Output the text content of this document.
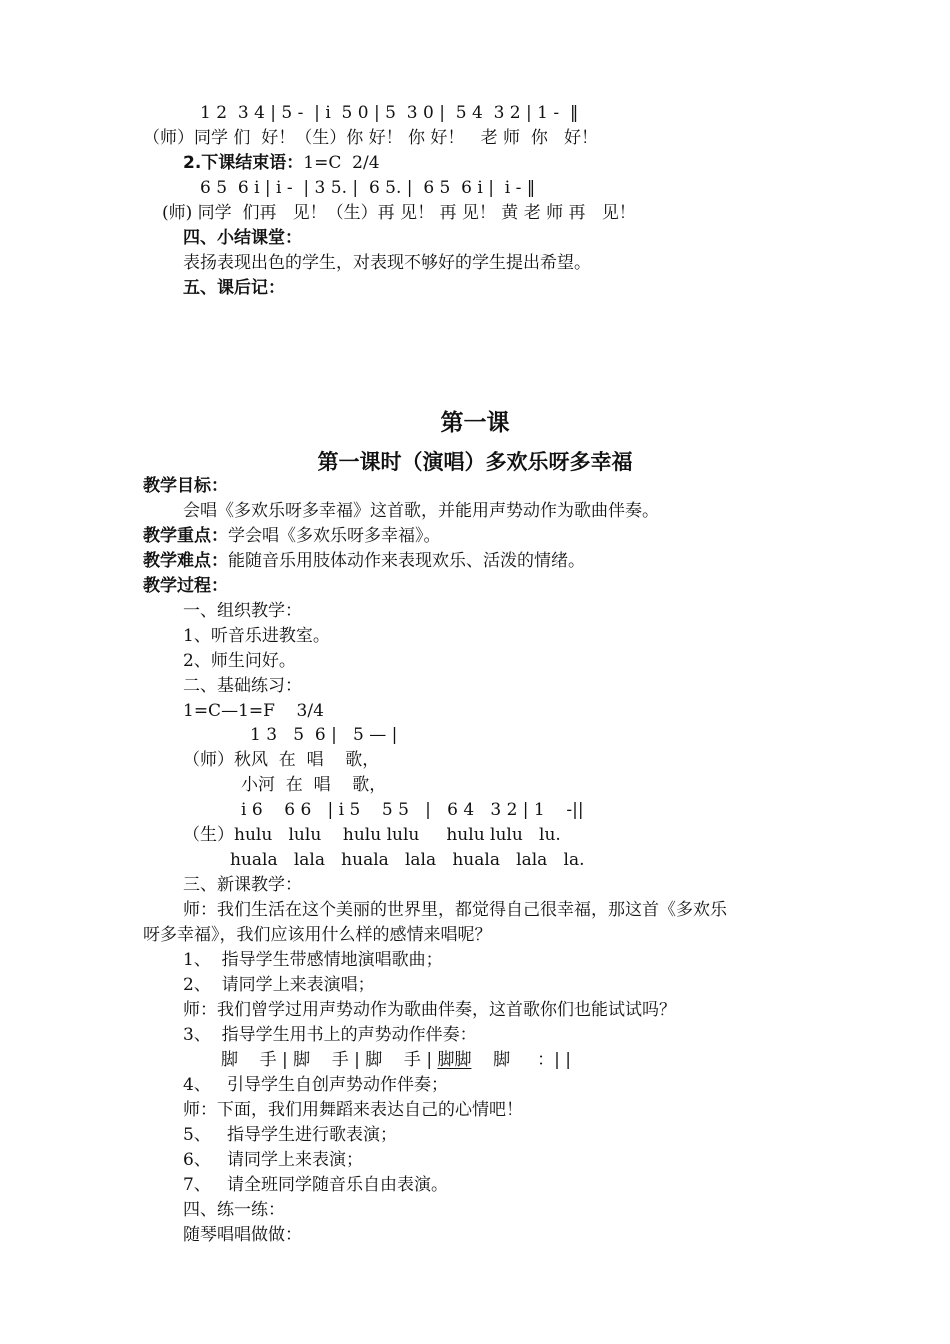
1 2  3 4 | 5 -  | i  5 0 | 5  3 0 |  5 4  3 2 | 1 -  ‖
（师）同学 们  好！（生）你 好！ 你 好！   老 师  你   好！
2.下课结束语：1=C  2/4
6 5  6 i | i -  | 3 5. |  6 5. |  6 5  6 i |  i - ‖
(师) 同学  们再   见！（生）再 见！ 再 见！ 黄 老 师 再   见！
四、小结课堂：
表扬表现出色的学生，对表现不够好的学生提出希望。
五、课后记：
第一课
第一课时（演唱）多欢乐呀多幸福
教学目标：
会唱《多欢乐呀多幸福》这首歌，并能用声势动作为歌曲伴奏。
教学重点：学会唱《多欢乐呀多幸福》。
教学难点：能随音乐用肢体动作来表现欢乐、活泼的情绪。
教学过程：
一、组织教学：
1、听音乐进教室。
2、师生问好。
二、基础练习：
1=C—1=F    3/4
1 3   5  6 |   5 — |
（师）秋风  在  唱    歌，
小河  在  唱    歌，
i 6    6 6   | i 5    5 5   |   6 4   3 2 | 1    -||
（生）hulu   lulu    hulu lulu     hulu lulu   lu.
huala   lala   huala   lala   huala   lala   la.
三、新课教学：
师：我们生活在这个美丽的世界里，都觉得自己很幸福，那这首《多欢乐
呀多幸福》，我们应该用什么样的感情来唱呢？
1、  指导学生带感情地演唱歌曲；
2、  请同学上来表演唱；
师：我们曾学过用声势动作为歌曲伴奏，这首歌你们也能试试吗？
3、  指导学生用书上的声势动作伴奏：
脚    手 | 脚    手 | 脚    手 | 脚脚    脚     ：| |
4、   引导学生自创声势动作伴奏；
师：下面，我们用舞蹈来表达自己的心情吧！
5、   指导学生进行歌表演；
6、   请同学上来表演；
7、   请全班同学随音乐自由表演。
四、练一练：
随琴唱唱做做：
